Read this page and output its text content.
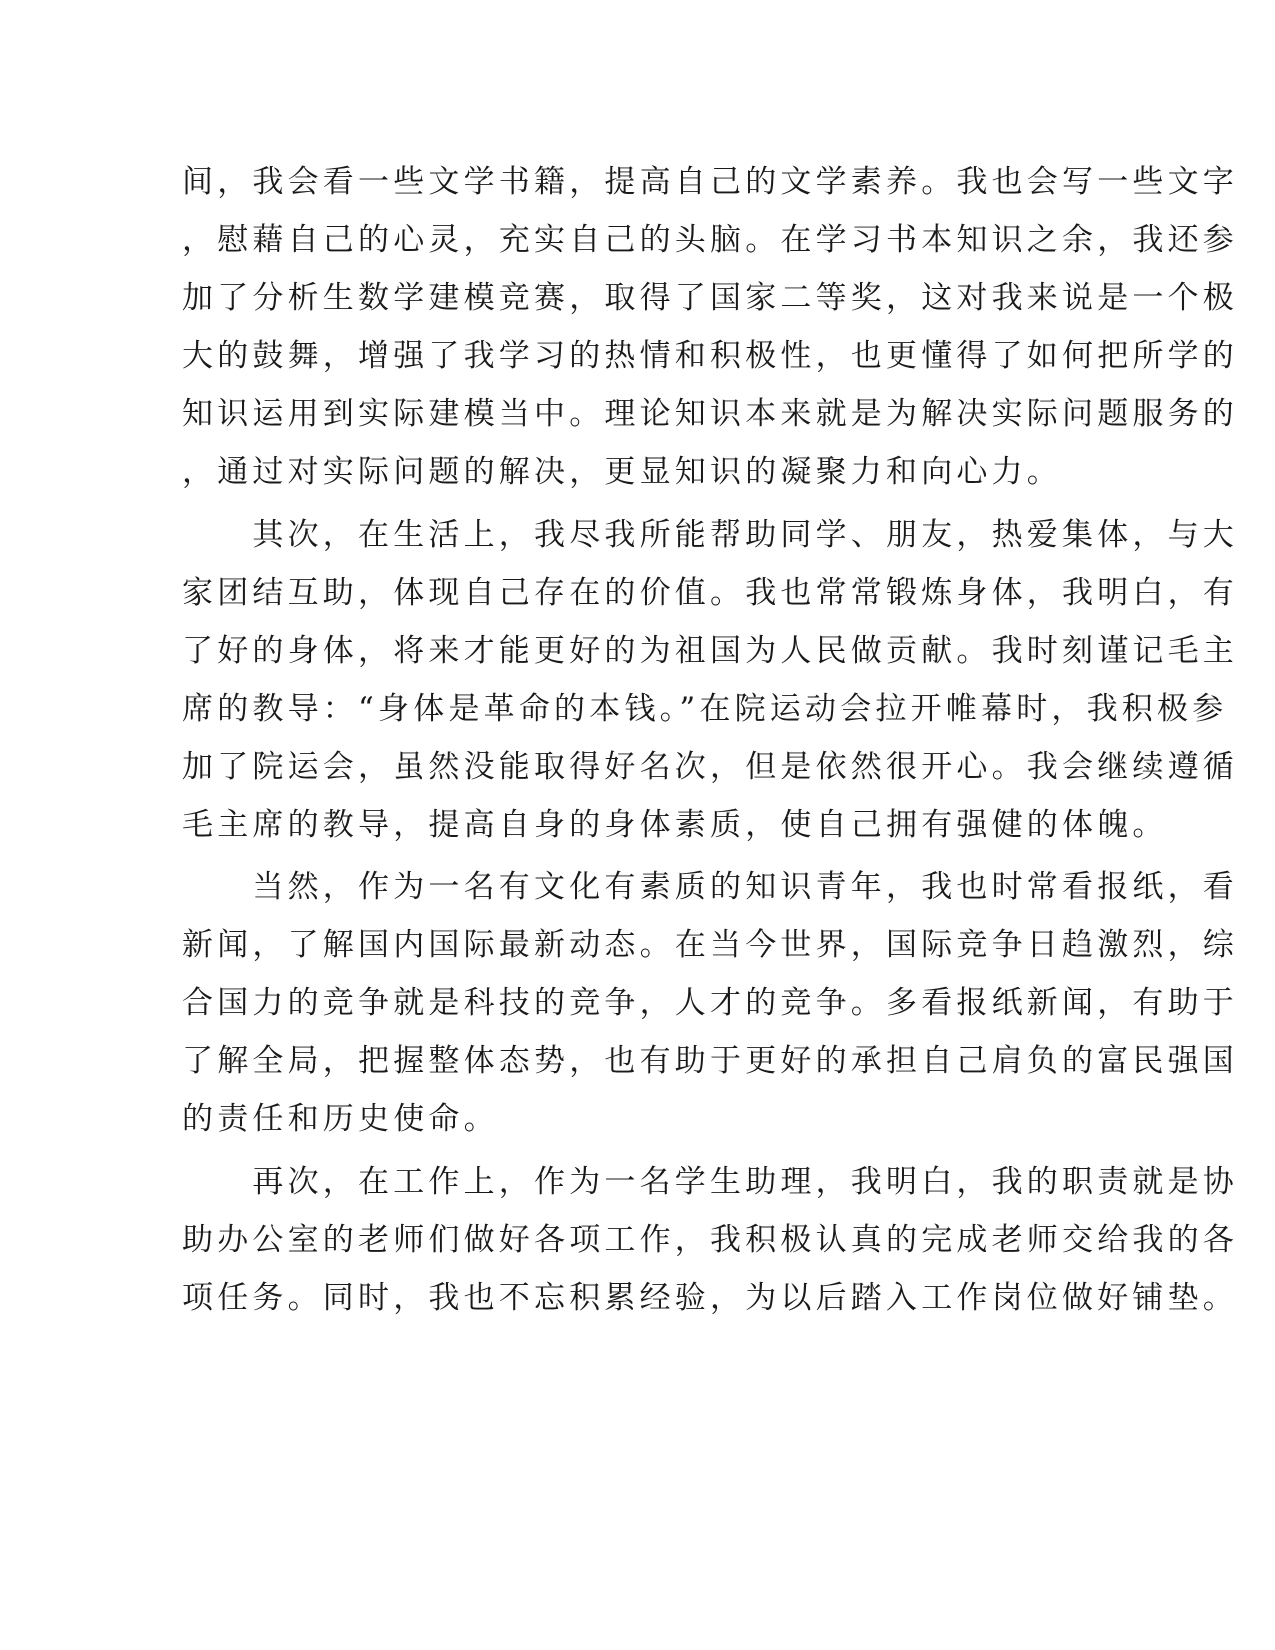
间，我会看一些文学书籍，提高自己的文学素养。我也会写一些文字
，慰藉自己的心灵，充实自己的头脑。在学习书本知识之余，我还参
加了分析生数学建模竞赛，取得了国家二等奖，这对我来说是一个极
大的鼓舞，增强了我学习的热情和积极性，也更懂得了如何把所学的
知识运用到实际建模当中。理论知识本来就是为解决实际问题服务的
，通过对实际问题的解决，更显知识的凝聚力和向心力。
　　其次，在生活上，我尽我所能帮助同学、朋友，热爱集体，与大
家团结互助，体现自己存在的价值。我也常常锻炼身体，我明白，有
了好的身体，将来才能更好的为祖国为人民做贡献。我时刻谨记毛主
席的教导：“身体是革命的本钱。”在院运动会拉开帷幕时，我积极参
加了院运会，虽然没能取得好名次，但是依然很开心。我会继续遵循
毛主席的教导，提高自身的身体素质，使自己拥有强健的体魄。
　　当然，作为一名有文化有素质的知识青年，我也时常看报纸，看
新闻，了解国内国际最新动态。在当今世界，国际竞争日趋激烈，综
合国力的竞争就是科技的竞争，人才的竞争。多看报纸新闻，有助于
了解全局，把握整体态势，也有助于更好的承担自己肩负的富民强国
的责任和历史使命。
　　再次，在工作上，作为一名学生助理，我明白，我的职责就是协
助办公室的老师们做好各项工作，我积极认真的完成老师交给我的各
项任务。同时，我也不忘积累经验，为以后踏入工作岗位做好铺垫。
